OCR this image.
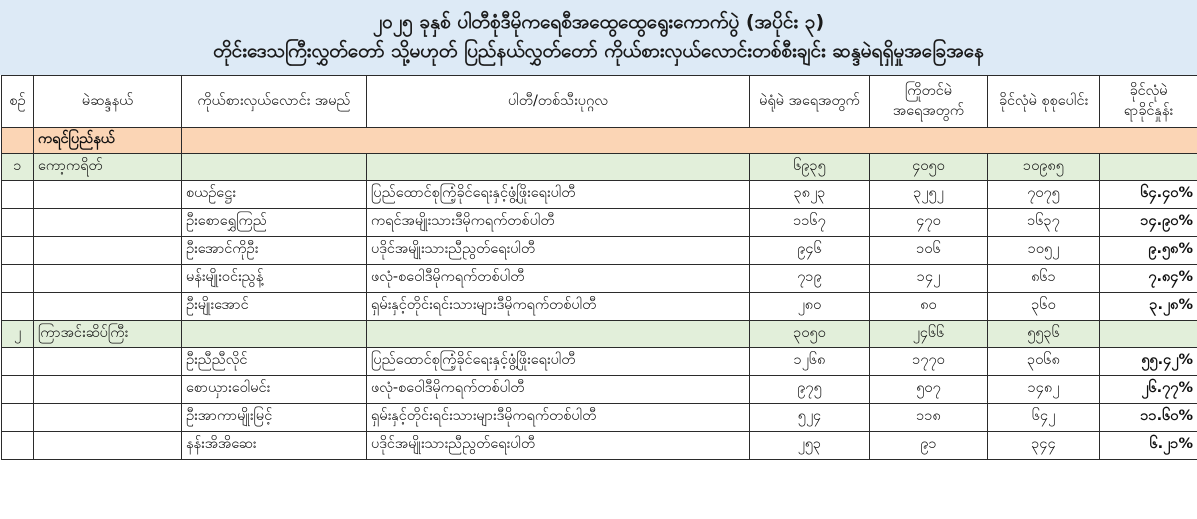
၂၀၂၅ ခုနှစ် ပါတီစုံဒီမိုကရေစီအထွေထွေရွေးကောက်ပွဲ (အပိုင်း ၃)
တိုင်းဒေသကြီးလွှတ်တော် သို့မဟုတ် ပြည်နယ်လွှတ်တော် ကိုယ်စားလှယ်လောင်းတစ်စီးချင်း ဆန္ဒမဲရရှိမှုအခြေအနေ
စဉ်	မဲဆန္ဒနယ်	ကိုယ်စားလှယ်လောင်း အမည်	ပါတီ/တစ်သီးပုဂ္ဂလ	မဲရုံမဲ အရေအတွက်	ကြိုတင်မဲ အရေအတွက်	ခိုင်လုံမဲ စုစုပေါင်း	ခိုင်လုံမဲ ရာခိုင်နှုန်း
	ကရင်ပြည်နယ်						
၁	ကော့ကရိတ်			၆၉၃၅	၄၀၅၀	၁၀၉၈၅	
		စယဉ်ဋ္ဌေး	ပြည်ထောင်စုကြံ့ခိုင်ရေးနှင့်ဖွံ့ဖြိုးရေးပါတီ	၃၈၂၃	၃၂၅၂	၇၀၇၅	၆၄.၄၀%
		ဦးစောရွှေကြည်	ကရင်အမျိုးသားဒီမိုကရက်တစ်ပါတီ	၁၁၆၇	၄၇၀	၁၆၃၇	၁၄.၉၀%
		ဦးအောင်ကိုဦး	ပဒိုင်အမျိုးသားညီညွတ်ရေးပါတီ	၉၄၆	၁၀၆	၁၀၅၂	၉.၅၈%
		မန်းမျိုးဝင်းညွန့်	ဖလုံ-စဝေါဒီမိုကရက်တစ်ပါတီ	၇၁၉	၁၄၂	၈၆၁	၇.၈၄%
		ဦးမျိုးအောင်	ရှမ်းနှင့်တိုင်းရင်းသားများဒီမိုကရက်တစ်ပါတီ	၂၈၀	၈၀	၃၆၀	၃.၂၈%
၂	ကြာအင်းဆိပ်ကြီး			၃၀၅၀	၂၄၆၆	၅၅၃၆	
		ဦးညီညီလိုင်	ပြည်ထောင်စုကြံ့ခိုင်ရေးနှင့်ဖွံ့ဖြိုးရေးပါတီ	၁၂၆၈	၁၇၇၀	၃၀၆၈	၅၅.၄၂%
		စောယှားဝေါမင်း	ဖလုံ-စဝေါဒီမိုကရက်တစ်ပါတီ	၉၇၅	၅၀၇	၁၄၈၂	၂၆.၇၇%
		ဦးအာကာမျိုးမြင့်	ရှမ်းနှင့်တိုင်းရင်းသားများဒီမိုကရက်တစ်ပါတီ	၅၂၄	၁၁၈	၆၄၂	၁၁.၆၀%
		နန်းအိအိဆေး	ပဒိုင်အမျိုးသားညီညွတ်ရေးပါတီ	၂၅၃	၉၁	၃၄၄	၆.၂၁%
